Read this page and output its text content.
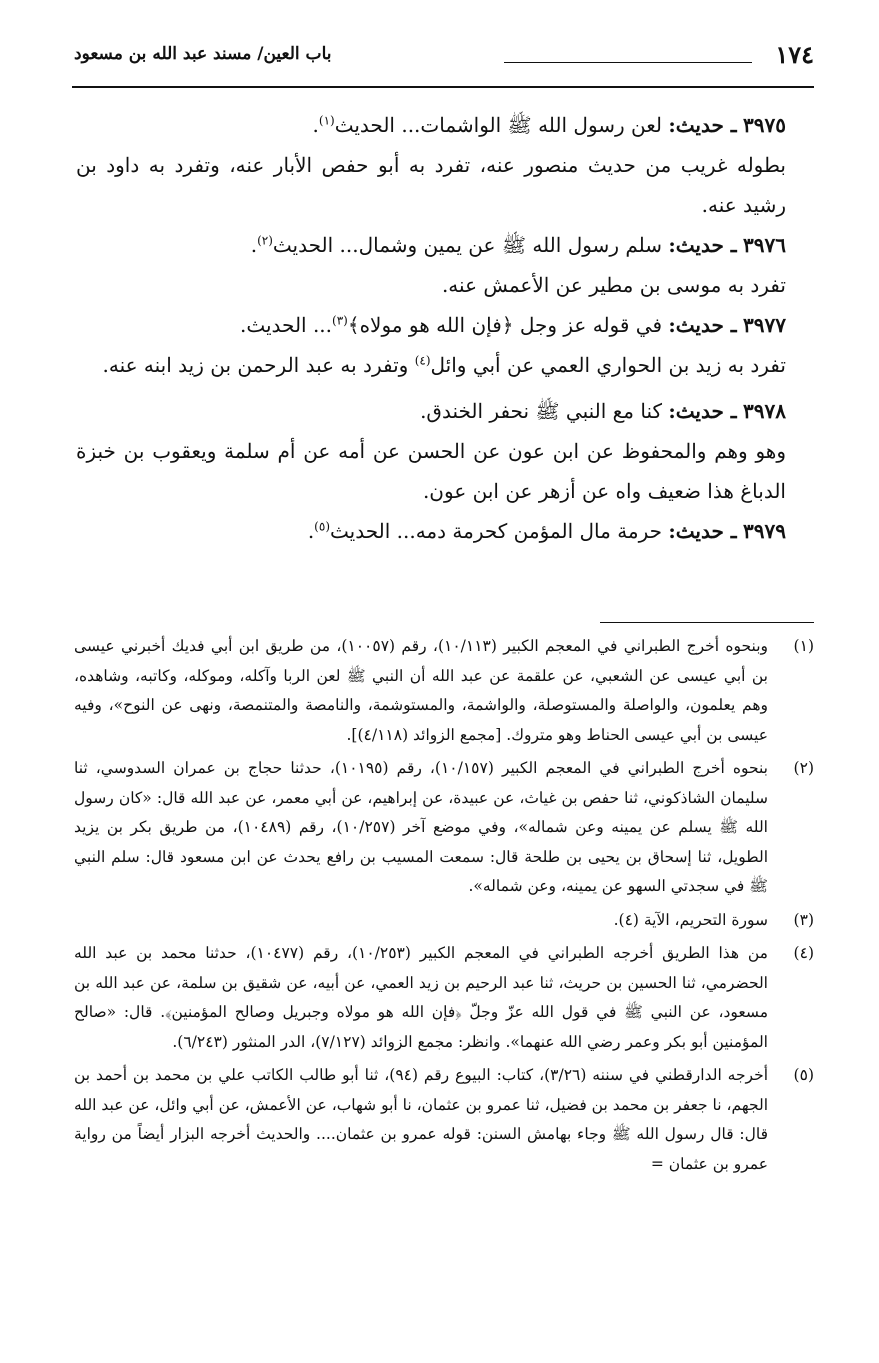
١٧٤
باب العين/ مسند عبد الله بن مسعود

٣٩٧٥ ـ حديث: لعن رسول الله ﷺ الواشمات... الحديث$^{(١)}$.

بطوله غريب من حديث منصور عنه، تفرد به أبو حفص الأبار عنه، وتفرد به داود بن رشيد عنه.

٣٩٧٦ ـ حديث: سلم رسول الله ﷺ عن يمين وشمال... الحديث$^{(٢)}$.

تفرد به موسى بن مطير عن الأعمش عنه.

٣٩٧٧ ـ حديث: في قوله عز وجل ﴿فإن الله هو مولاه﴾$^{(٣)}$... الحديث.

تفرد به زيد بن الحواري العمي عن أبي وائل$^{(٤)}$ وتفرد به عبد الرحمن بن زيد ابنه عنه.

٣٩٧٨ ـ حديث: كنا مع النبي ﷺ نحفر الخندق.

وهو وهم والمحفوظ عن ابن عون عن الحسن عن أمه عن أم سلمة ويعقوب بن خبزة الدباغ هذا ضعيف واه عن أزهر عن ابن عون.

٣٩٧٩ ـ حديث: حرمة مال المؤمن كحرمة دمه... الحديث$^{(٥)}$.

(١)
وبنحوه أخرج الطبراني في المعجم الكبير (١٠/١١٣)، رقم (١٠٠٥٧)، من طريق ابن أبي فديك أخبرني عيسى بن أبي عيسى عن الشعبي، عن علقمة عن عبد الله أن النبي ﷺ لعن الربا وآكله، وموكله، وكاتبه، وشاهده، وهم يعلمون، والواصلة والمستوصلة، والواشمة، والمستوشمة، والنامصة والمتنمصة، ونهى عن النوح»، وفيه عيسى بن أبي عيسى الحناط وهو متروك. [مجمع الزوائد (٤/١١٨)].

(٢)
بنحوه أخرج الطبراني في المعجم الكبير (١٠/١٥٧)، رقم (١٠١٩٥)، حدثنا حجاج بن عمران السدوسي، ثنا سليمان الشاذكوني، ثنا حفص بن غياث، عن عبيدة، عن إبراهيم، عن أبي معمر، عن عبد الله قال: «كان رسول الله ﷺ يسلم عن يمينه وعن شماله»، وفي موضع آخر (١٠/٢٥٧)، رقم (١٠٤٨٩)، من طريق بكر بن يزيد الطويل، ثنا إسحاق بن يحيى بن طلحة قال: سمعت المسيب بن رافع يحدث عن ابن مسعود قال: سلم النبي ﷺ في سجدتي السهو عن يمينه، وعن شماله».

(٣)
سورة التحريم، الآية (٤).

(٤)
من هذا الطريق أخرجه الطبراني في المعجم الكبير (١٠/٢٥٣)، رقم (١٠٤٧٧)، حدثنا محمد بن عبد الله الحضرمي، ثنا الحسين بن حريث، ثنا عبد الرحيم بن زيد العمي، عن أبيه، عن شقيق بن سلمة، عن عبد الله بن مسعود، عن النبي ﷺ في قول الله عزّ وجلّ ﴿فإن الله هو مولاه وجبريل وصالح المؤمنين﴾. قال: «صالح المؤمنين أبو بكر وعمر رضي الله عنهما». وانظر: مجمع الزوائد (٧/١٢٧)، الدر المنثور (٦/٢٤٣).

(٥)
أخرجه الدارقطني في سننه (٣/٢٦)، كتاب: البيوع رقم (٩٤)، ثنا أبو طالب الكاتب علي بن محمد بن أحمد بن الجهم، نا جعفر بن محمد بن فضيل، ثنا عمرو بن عثمان، نا أبو شهاب، عن الأعمش، عن أبي وائل، عن عبد الله قال: قال رسول الله ﷺ وجاء بهامش السنن: قوله عمرو بن عثمان.... والحديث أخرجه البزار أيضاً من رواية عمرو بن عثمان =
